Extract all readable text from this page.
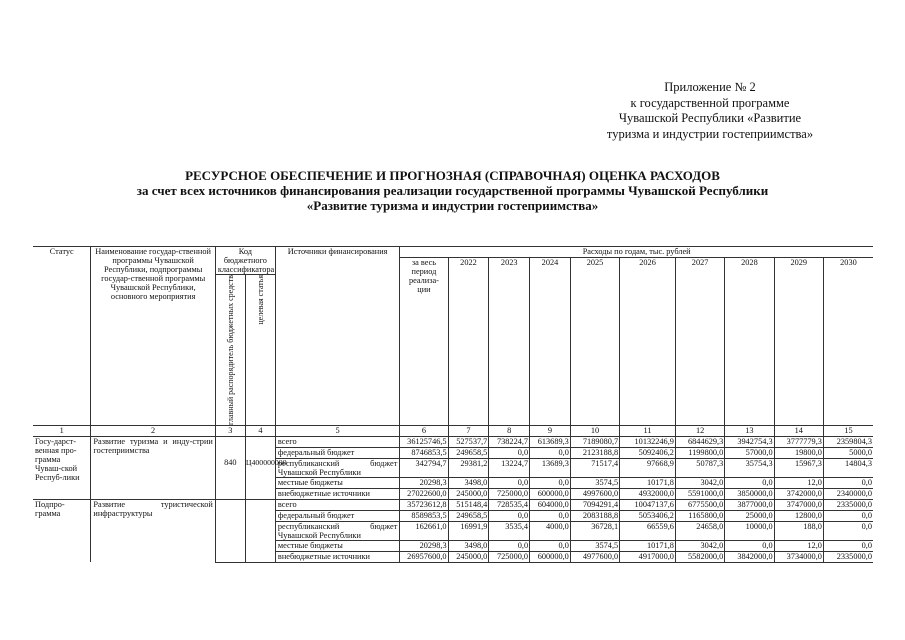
Приложение № 2
к государственной программе
Чувашской Республики «Развитие
туризма и индустрии гостеприимства»
РЕСУРСНОЕ ОБЕСПЕЧЕНИЕ И ПРОГНОЗНАЯ (СПРАВОЧНАЯ) ОЦЕНКА РАСХОДОВ
за счет всех источников финансирования реализации государственной программы Чувашской Республики
«Развитие туризма и индустрии гостеприимства»
Статус	Наименование государ-ственной программы Чувашской Республики, подпрограммы государ-ственной программы Чувашской Республики, основного мероприятия	Код бюджетного классификатора		Источники финансирования	Расходы по годам, тыс. рублей									
					за весь период реализа-ции	2022	2023	2024	2025	2026	2027	2028	2029	2030

		главный распорядитель бюджетных средств	целевая статья											

1	2	3	4	5	6	7	8	9	10	11	12	13	14	15
Госу-дарст-венная про-грамма Чуваш-ской Респуб-лики	Развитие туризма и инду-стрии гостеприимства			всего	36125746,5	527537,7	738224,7	613689,3	7189080,7	10132246,9	6844629,3	3942754,3	3777779,3	2359804,3
				федеральный бюджет	8746853,5	249658,5	0,0	0,0	2123188,8	5092406,2	1199800,0	57000,0	19800,0	5000,0
		840	Ц400000000	республиканский бюджет Чувашской Республики	342794,7	29381,2	13224,7	13689,3	71517,4	97668,9	50787,3	35754,3	15967,3	14804,3
				местные бюджеты	20298,3	3498,0	0,0	0,0	3574,5	10171,8	3042,0	0,0	12,0	0,0
				внебюджетные источники	27022600,0	245000,0	725000,0	600000,0	4997600,0	4932000,0	5591000,0	3850000,0	3742000,0	2340000,0
Подпро-грамма	Развитие туристической инфраструктуры			всего	35723612,8	515148,4	728535,4	604000,0	7094291,4	10047137,6	6775500,0	3877000,0	3747000,0	2335000,0
				федеральный бюджет	8589853,5	249658,5	0,0	0,0	2083188,8	5053406,2	1165800,0	25000,0	12800,0	0,0
				республиканский бюджет Чувашской Республики	162661,0	16991,9	3535,4	4000,0	36728,1	66559,6	24658,0	10000,0	188,0	0,0
				местные бюджеты	20298,3	3498,0	0,0	0,0	3574,5	10171,8	3042,0	0,0	12,0	0,0
				внебюджетные источники	26957600,0	245000,0	725000,0	600000,0	4977600,0	4917000,0	5582000,0	3842000,0	3734000,0	2335000,0
